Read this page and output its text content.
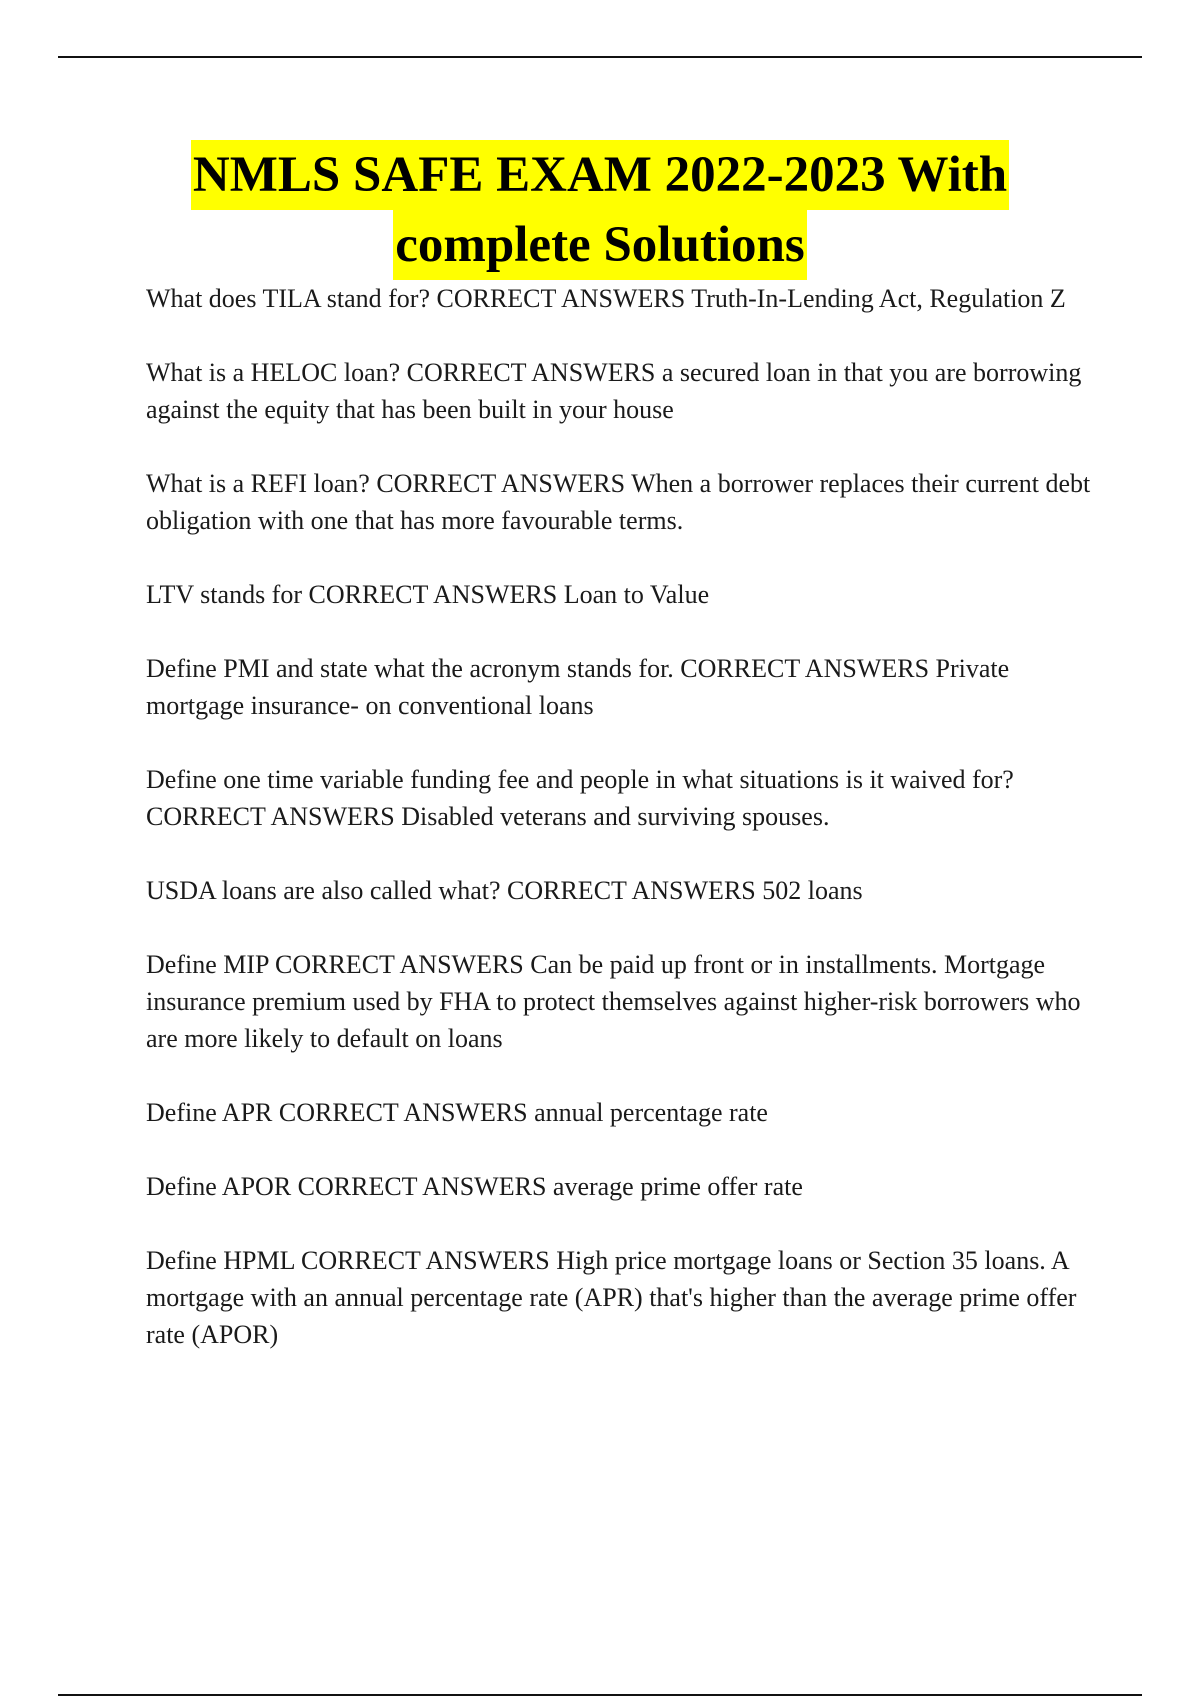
NMLS SAFE EXAM 2022-2023 With
complete Solutions

What does TILA stand for? CORRECT ANSWERS Truth-In-Lending Act, Regulation Z

What is a HELOC loan? CORRECT ANSWERS a secured loan in that you are borrowing against the equity that has been built in your house

What is a REFI loan? CORRECT ANSWERS When a borrower replaces their current debt obligation with one that has more favourable terms.

LTV stands for CORRECT ANSWERS Loan to Value

Define PMI and state what the acronym stands for. CORRECT ANSWERS Private mortgage insurance- on conventional loans

Define one time variable funding fee and people in what situations is it waived for? CORRECT ANSWERS Disabled veterans and surviving spouses.

USDA loans are also called what? CORRECT ANSWERS 502 loans

Define MIP CORRECT ANSWERS Can be paid up front or in installments. Mortgage insurance premium used by FHA to protect themselves against higher-risk borrowers who are more likely to default on loans

Define APR CORRECT ANSWERS annual percentage rate

Define APOR CORRECT ANSWERS average prime offer rate

Define HPML CORRECT ANSWERS High price mortgage loans or Section 35 loans. A mortgage with an annual percentage rate (APR) that's higher than the average prime offer rate (APOR)
